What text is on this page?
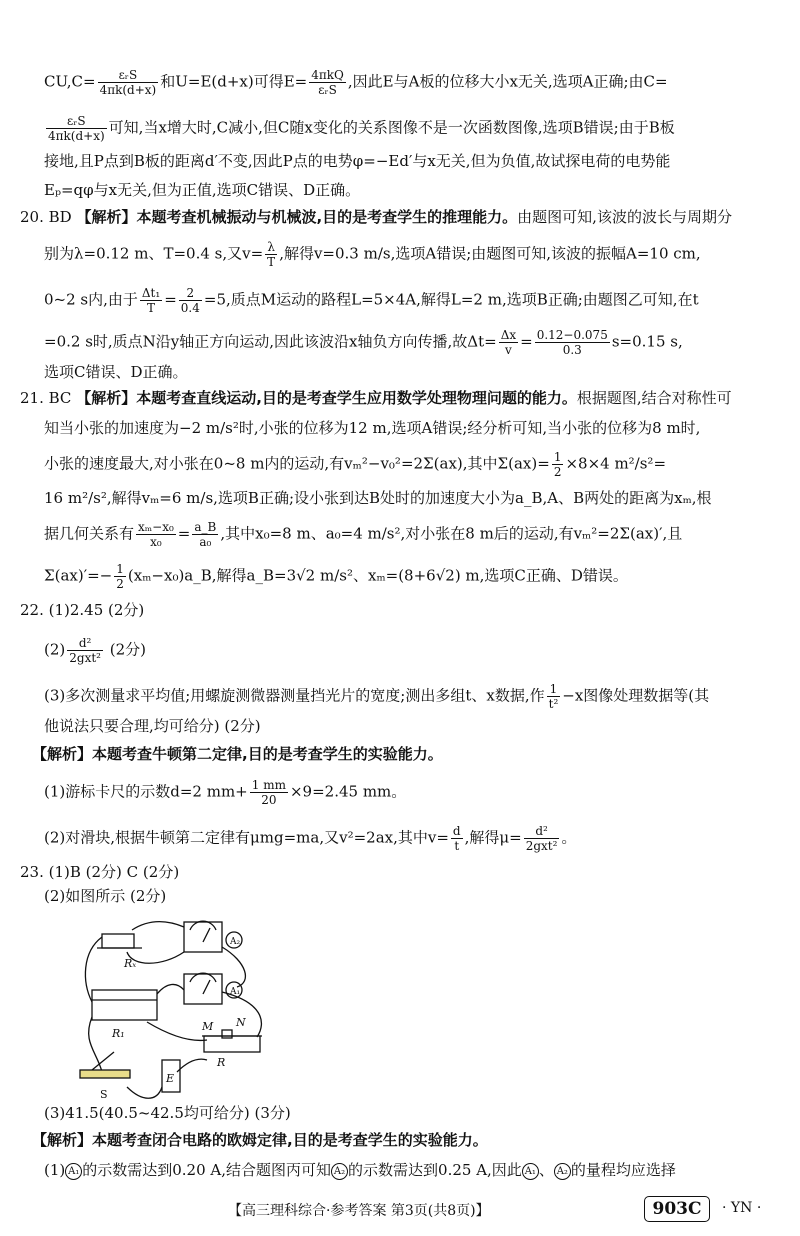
$CU,C= \frac{\text{εᵣS}}{4\pi k(d+x)}$ 和U=E(d+x)可得$E= \frac{\text{4πkQ}}{\text{εᵣS}}$ ,因此E与A板的位移大小x无关,选项A正确;由C=
$\frac{\text{εᵣS}}{4\pi k(d+x)}$ 可知,当x增大时,C减小,但C随x变化的关系图像不是一次函数图像,选项B错误;由于B板
接地,且P点到B板的距离d′不变,因此P点的电势φ=−Ed′与x无关,但为负值,故试探电荷的电势能
Eₚ=qφ与x无关,但为正值,选项C错误、D正确。
20. BD 【解析】本题考查机械振动与机械波,目的是考查学生的推理能力。由题图可知,该波的波长与周期分
别为λ=0.12 m、T=0.4 s,又$v= \frac{\lambda}{T}$ ,解得v=0.3 m/s,选项A错误;由题图可知,该波的振幅A=10 cm,
0~2 s内,由于 $\frac{\text{Δt₁}}{T} = \frac{2}{0.4} =5$,质点M运动的路程L=5×4A,解得L=2 m,选项B正确;由题图乙可知,在t
=0.2 s时,质点N沿y轴正方向运动,因此该波沿x轴负方向传播,故$\Delta t= \frac{\Delta x}{v} = \frac{0.12-0.075}{0.3} s=0.15$ s,
选项C错误、D正确。
21. BC 【解析】本题考查直线运动,目的是考查学生应用数学处理物理问题的能力。根据题图,结合对称性可
知当小张的加速度为−2 m/s²时,小张的位移为12 m,选项A错误;经分析可知,当小张的位移为8 m时,
小张的速度最大,对小张在0~8 m内的运动,有vₘ²−v₀²=2Σ(ax),其中$\Sigma(ax)= \frac{1}{2} \times 8\times 4$ m²/s²=
16 m²/s²,解得vₘ=6 m/s,选项B正确;设小张到达B处时的加速度大小为a_B,A、B两处的距离为xₘ,根
据几何关系有 $\frac{\text{xₘ−x₀}}{\text{x₀}} = \frac{a\_B}{\text{a₀}}$ ,其中x₀=8 m、a₀=4 m/s²,对小张在8 m后的运动,有vₘ²=2Σ(ax)′,且
$\Sigma(ax)'=- \frac{1}{2}$ (xₘ−x₀)a_B,解得a_B=3√2 m/s²、xₘ=(8+6√2) m,选项C正确、D错误。
22. (1)2.45 (2分)
$(2) \frac{\text{d²}}{\text{2gxt²}} (2$分)
(3)多次测量求平均值;用螺旋测微器测量挡光片的宽度;测出多组t、x数据,作 $\frac{1}{\text{t²}} -x$图像处理数据等(其
他说法只要合理,均可给分) (2分)
【解析】本题考查牛顿第二定律,目的是考查学生的实验能力。
(1)游标卡尺的示数d=2 $mm+ \frac{1 mm}{20} \times 9=2.45$ mm。
(2)对滑块,根据牛顿第二定律有μmg=ma,又v²=2ax,其中$v= \frac{d}{t}$ ,解得$\mu= \frac{\text{d²}}{\text{2gxt²}}$ 。
23. (1)B (2分) C (2分)
(2)如图所示 (2分)
A₂
A₁
Rₓ
R₁
M N
R
E
S
(3)41.5(40.5~42.5均可给分) (3分)
【解析】本题考查闭合电路的欧姆定律,目的是考查学生的实验能力。
(1) A₁ 的示数需达到0.20 A,结合题图丙可知 A₂ 的示数需达到0.25 A,因此 A₁ 、 A₂ 的量程均应选择
【高三理科综合·参考答案 第3页(共8页)】	903C	· YN ·
